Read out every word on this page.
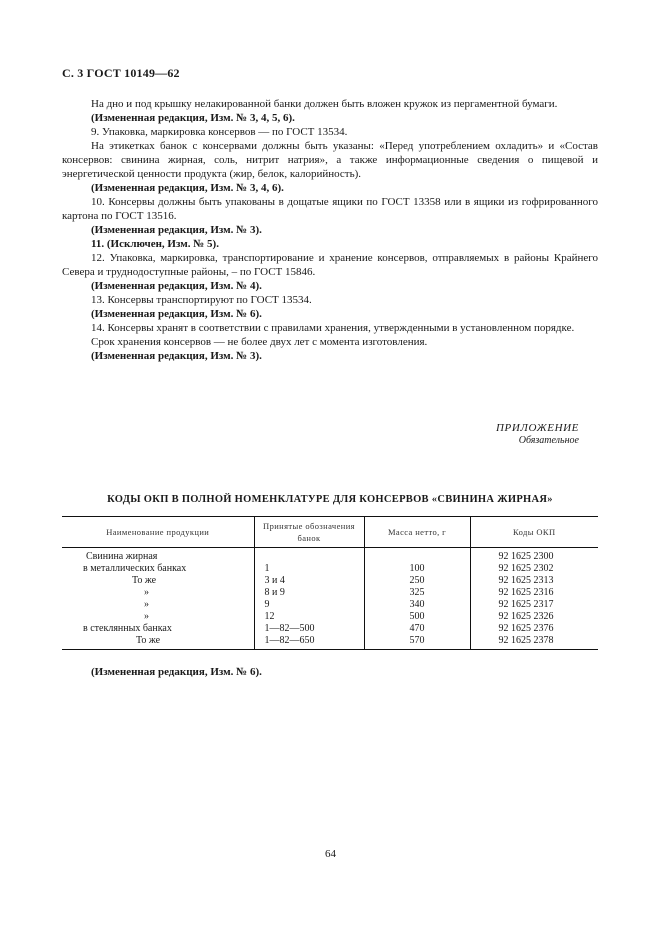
С. 3 ГОСТ 10149—62

На дно и под крышку нелакированной банки должен быть вложен кружок из пергаментной бумаги.

(Измененная редакция, Изм. № 3, 4, 5, 6).

9. Упаковка, маркировка консервов — по ГОСТ 13534.

На этикетках банок с консервами должны быть указаны: «Перед употреблением охладить» и «Состав консервов: свинина жирная, соль, нитрит натрия», а также информационные сведения о пищевой и энергетической ценности продукта (жир, белок, калорийность).

(Измененная редакция, Изм. № 3, 4, 6).

10. Консервы должны быть упакованы в дощатые ящики по ГОСТ 13358 или в ящики из гофрированного картона по ГОСТ 13516.

(Измененная редакция, Изм. № 3).

11. (Исключен, Изм. № 5).

12. Упаковка, маркировка, транспортирование и хранение консервов, отправляемых в районы Крайнего Севера и труднодоступные районы, – по ГОСТ 15846.

(Измененная редакция, Изм. № 4).

13. Консервы транспортируют по ГОСТ 13534.

(Измененная редакция, Изм. № 6).

14. Консервы хранят в соответствии с правилами хранения, утвержденными в установленном порядке.

Срок хранения консервов — не более двух лет с момента изготовления.

(Измененная редакция, Изм. № 3).

ПРИЛОЖЕНИЕ
Обязательное
КОДЫ ОКП В ПОЛНОЙ НОМЕНКЛАТУРЕ ДЛЯ КОНСЕРВОВ «СВИНИНА ЖИРНАЯ»
Наименование продукции	Принятые обозначения банок	Масса нетто, г	Коды ОКП
Свинина жирная			92 1625 2300
в металлических банках	1	100	92 1625 2302
То же	3 и 4	250	92 1625 2313
»	8 и 9	325	92 1625 2316
»	9	340	92 1625 2317
»	12	500	92 1625 2326
в стеклянных банках	1—82—500	470	92 1625 2376
То же	1—82—650	570	92 1625 2378
(Измененная редакция, Изм. № 6).
64
